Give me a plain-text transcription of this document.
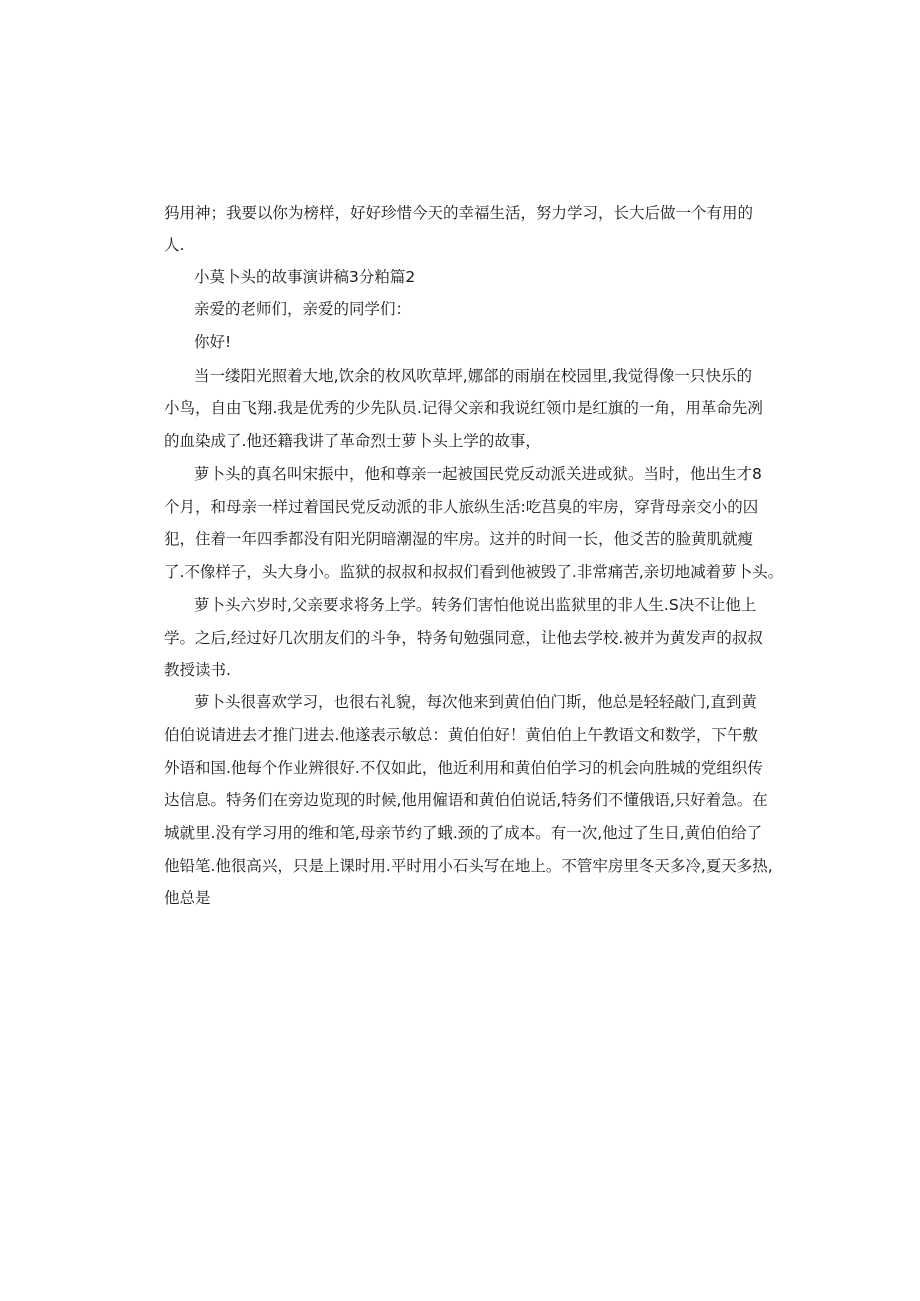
犸用神；我要以你为榜样，好好珍惜今天的幸福生活，努力学习，长大后做一个有用的

人.

小莫卜头的故事演讲稿3分粕篇2

亲爱的老师们，亲爱的同学们：

你好!

当一缕阳光照着大地,饮余的枚风吹草坪,娜郃的雨崩在校园里,我觉得像一只快乐的

小鸟，自由飞翔.我是优秀的少先队员.记得父亲和我说红领巾是红旗的一角，用革命先冽

的血染成了.他还籍我讲了革命烈士萝卜头上学的故事，

萝卜头的真名叫宋振中，他和尊亲一起被国民党反动派关进或狱。当时，他出生才8

个月，和母亲一样过着国民党反动派的非人旅纵生活:吃莒臭的牢房，穿背母亲交小的囚

犯，住着一年四季都没有阳光阴暗潮湿的牢房。这并的时间一长，他爻苦的脸黄肌就瘦

了.不像样子，头大身小。监狱的叔叔和叔叔们看到他被毁了.非常痛苦,亲切地减着萝卜头。

萝卜头六岁时,父亲要求将务上学。转务们害怕他说出监狱里的非人生.S决不让他上

学。之后,经过好几次朋友们的斗争，特务旬勉强同意，让他去学校.被并为黄发声的叔叔

教授读书.

萝卜头很喜欢学习，也很右礼貌，每次他来到黄伯伯门斯，他总是轻轻敲门,直到黄

伯伯说请进去才推门进去.他遂表示敏总：黄伯伯好！黄伯伯上午教语文和数学，下午敷

外语和国.他每个作业辨很好.不仅如此，他近利用和黄伯伯学习的机会向胜城的党组织传

达信息。特务们在旁边览现的时候,他用僱语和黄伯伯说话,特务们不懂俄语,只好着急。在

城就里.没有学习用的维和笔,母亲节约了蛾.颈的了成本。有一次,他过了生日,黄伯伯给了

他铅笔.他很高兴，只是上课时用.平时用小石头写在地上。不管牢房里冬天多冷,夏天多热,

他总是
